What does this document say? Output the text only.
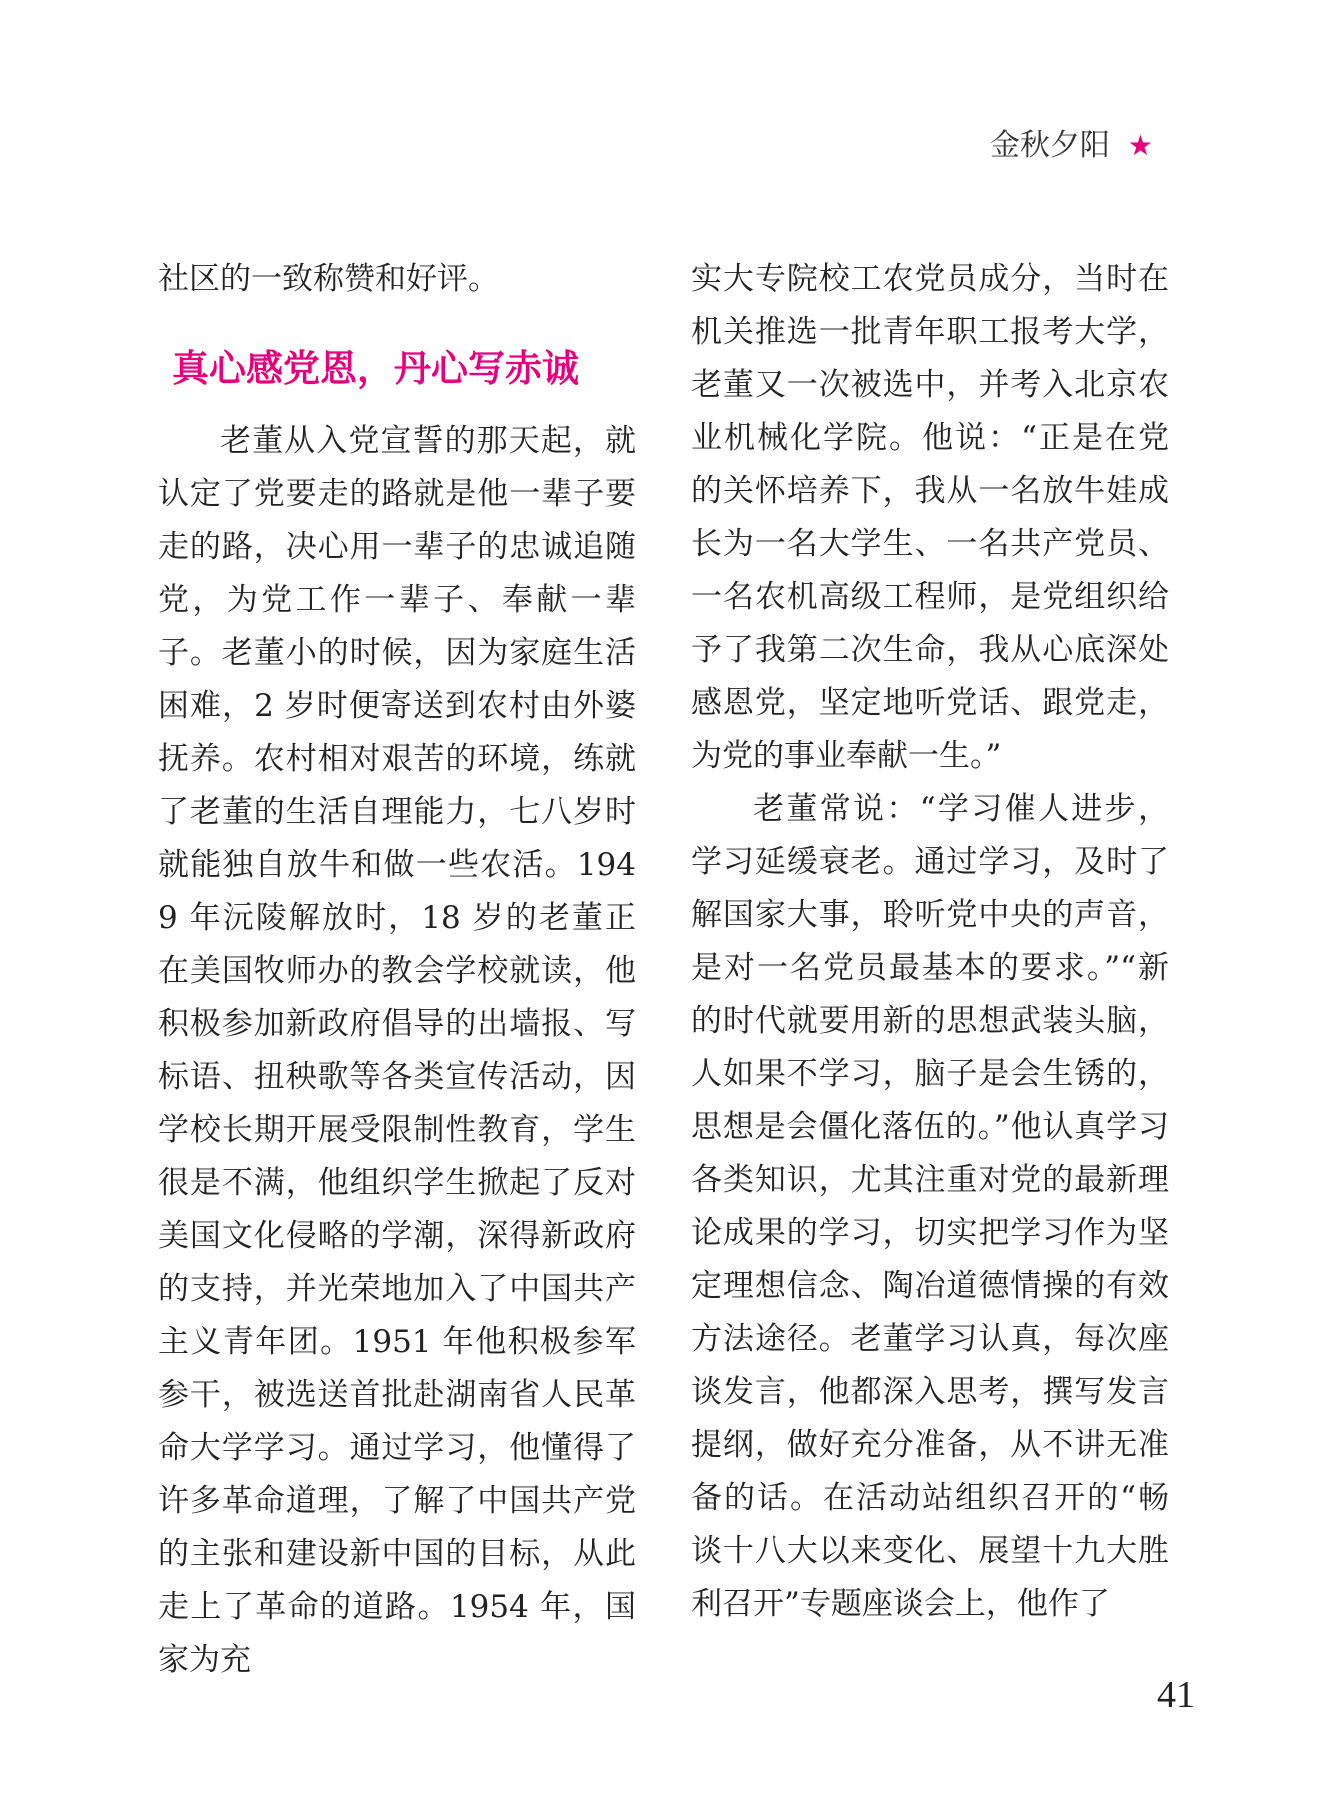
金秋夕阳 ★

社区的一致称赞和好评。

真心感党恩，丹心写赤诚

老董从入党宣誓的那天起，就认定了党要走的路就是他一辈子要走的路，决心用一辈子的忠诚追随党，为党工作一辈子、奉献一辈子。老董小的时候，因为家庭生活困难，2 岁时便寄送到农村由外婆抚养。农村相对艰苦的环境，练就了老董的生活自理能力，七八岁时就能独自放牛和做一些农活。1949 年沅陵解放时，18 岁的老董正在美国牧师办的教会学校就读，他积极参加新政府倡导的出墙报、写标语、扭秧歌等各类宣传活动，因学校长期开展受限制性教育，学生很是不满，他组织学生掀起了反对美国文化侵略的学潮，深得新政府的支持，并光荣地加入了中国共产主义青年团。1951 年他积极参军参干，被选送首批赴湖南省人民革命大学学习。通过学习，他懂得了许多革命道理，了解了中国共产党的主张和建设新中国的目标，从此走上了革命的道路。1954 年，国家为充

实大专院校工农党员成分，当时在机关推选一批青年职工报考大学，老董又一次被选中，并考入北京农业机械化学院。他说：“正是在党的关怀培养下，我从一名放牛娃成长为一名大学生、一名共产党员、一名农机高级工程师，是党组织给予了我第二次生命，我从心底深处感恩党，坚定地听党话、跟党走，为党的事业奉献一生。”

老董常说：“学习催人进步，学习延缓衰老。通过学习，及时了解国家大事，聆听党中央的声音，是对一名党员最基本的要求。”“新的时代就要用新的思想武装头脑，人如果不学习，脑子是会生锈的，思想是会僵化落伍的。”他认真学习各类知识，尤其注重对党的最新理论成果的学习，切实把学习作为坚定理想信念、陶冶道德情操的有效方法途径。老董学习认真，每次座谈发言，他都深入思考，撰写发言提纲，做好充分准备，从不讲无准备的话。在活动站组织召开的“畅谈十八大以来变化、展望十九大胜利召开”专题座谈会上，他作了

41
